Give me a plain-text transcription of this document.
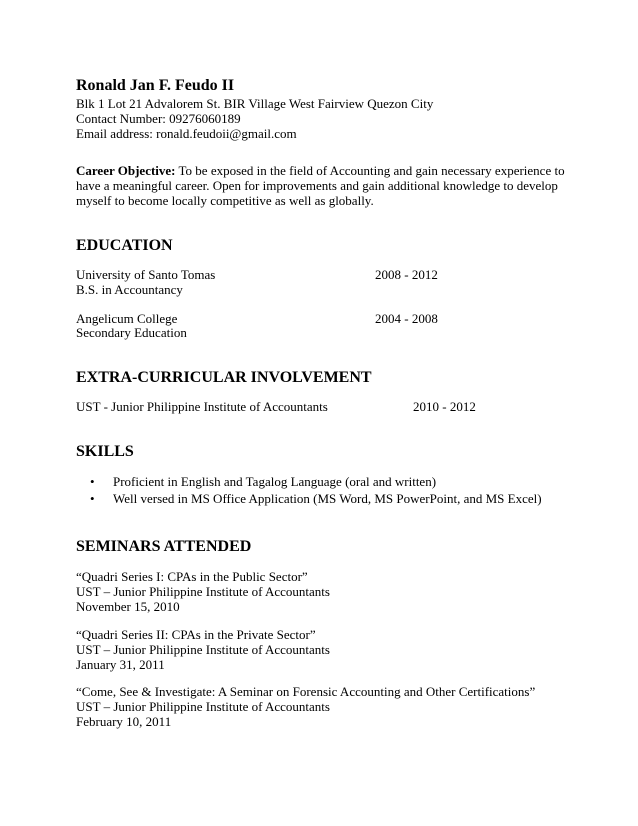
Ronald Jan F. Feudo II
Blk 1 Lot 21 Advalorem St. BIR Village West Fairview Quezon City
Contact Number: 09276060189
Email address: ronald.feudoii@gmail.com
Career Objective: To be exposed in the field of Accounting and gain necessary experience to have a meaningful career. Open for improvements and gain additional knowledge to develop myself to become locally competitive as well as globally.
EDUCATION
University of Santo Tomas	2008 - 2012
B.S. in Accountancy
Angelicum College	2004 - 2008
Secondary Education
EXTRA-CURRICULAR INVOLVEMENT
UST - Junior Philippine Institute of Accountants	2010 - 2012
SKILLS
• Proficient in English and Tagalog Language (oral and written)
• Well versed in MS Office Application (MS Word, MS PowerPoint, and MS Excel)
SEMINARS ATTENDED
“Quadri Series I: CPAs in the Public Sector”
UST – Junior Philippine Institute of Accountants
November 15, 2010
“Quadri Series II: CPAs in the Private Sector”
UST – Junior Philippine Institute of Accountants
January 31, 2011
“Come, See & Investigate: A Seminar on Forensic Accounting and Other Certifications”
UST – Junior Philippine Institute of Accountants
February 10, 2011
